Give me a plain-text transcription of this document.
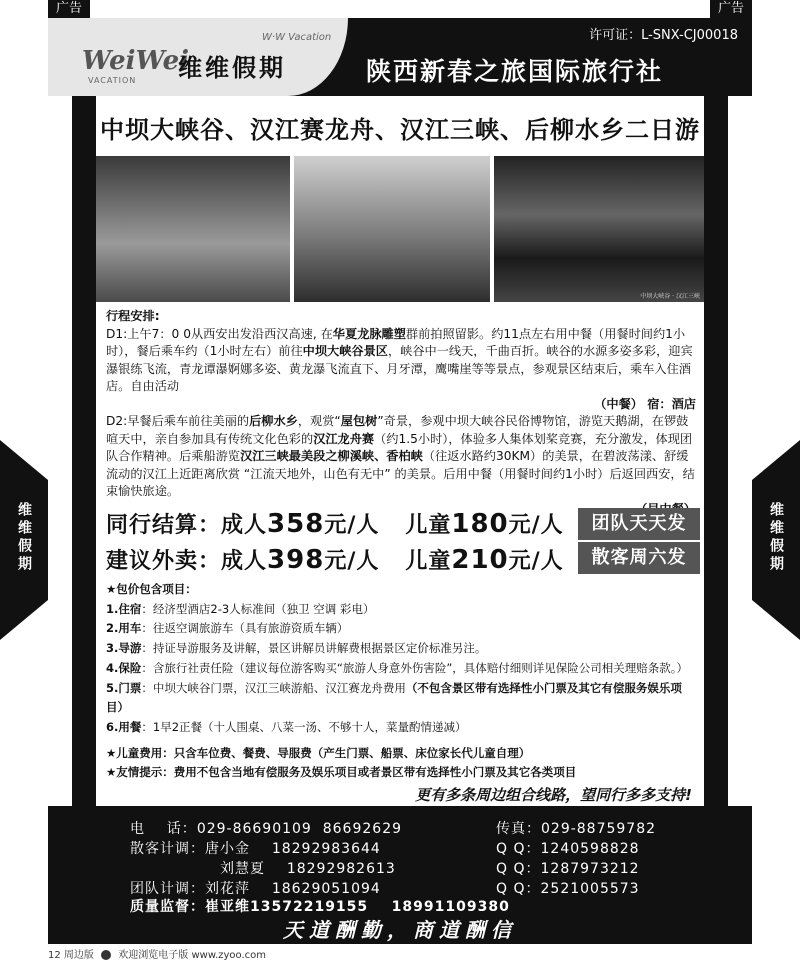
广告	广告
WeiWei
W·W Vacation
VACATION 维维假期
许可证：L-SNX-CJ00018
陕西新春之旅国际旅行社
维维假期	维维假期
中坝大峡谷、汉江赛龙舟、汉江三峡、后柳水乡二日游
中坝大峡谷 · 汉江三峡

行程安排:

D1:上午7：0 0从西安出发沿西汉高速, 在华夏龙脉雕塑群前拍照留影。约11点左右用中餐（用餐时间约1小时），餐后乘车约（1小时左右）前往中坝大峡谷景区，峡谷中一线天，千曲百折。峡谷的水源多姿多彩，迎宾瀑银练飞流，青龙谭瀑婀娜多姿、黄龙瀑飞流直下、月牙潭，鹰嘴崖等等景点，参观景区结束后，乘车入住酒店。自由活动

（中餐） 宿：酒店

D2:早餐后乘车前往美丽的后柳水乡，观赏“屋包树”奇景，参观中坝大峡谷民俗博物馆，游览天鹅湖，在锣鼓喧天中，亲自参加具有传统文化色彩的汉江龙舟赛（约1.5小时），体验多人集体划桨竞赛，充分激发，体现团队合作精神。后乘船游览汉江三峡最美段之柳溪峡、香柏峡（往返水路约30KM）的美景，在碧波荡漾、舒缓流动的汉江上近距离欣赏 “江流天地外，山色有无中” 的美景。后用中餐（用餐时间约1小时）后返回西安，结束愉快旅途。

同行结算：成人358元/人 儿童180元/人
建议外卖：成人398元/人 儿童210元/人
团队天天发
散客周六发

★包价包含项目：

1.住宿：经济型酒店2-3人标准间（独卫 空调 彩电）

2.用车：往返空调旅游车（具有旅游资质车辆）

3.导游：持证导游服务及讲解，景区讲解员讲解费根据景区定价标准另注。

4.保险：含旅行社责任险（建议每位游客购买“旅游人身意外伤害险”，具体赔付细则详见保险公司相关理赔条款。）

5.门票：中坝大峡谷门票，汉江三峡游船、汉江赛龙舟费用（不包含景区带有选择性小门票及其它有偿服务娱乐项目）

6.用餐：1早2正餐（十人围桌、八菜一汤、不够十人，菜量酌情递减）

★儿童费用：只含车位费、餐费、导服费（产生门票、船票、床位家长代儿童自理）

★友情提示：费用不包含当地有偿服务及娱乐项目或者景区带有选择性小门票及其它各类项目

更有多条周边组合线路，望同行多多支持!
电    话：029-86690109  86692629	传真：029-88759782
散客计调：唐小金 18292983644	Q Q：1240598828
刘慧夏 18292982613	Q Q：1287973212
团队计调：刘花萍 18629051094	Q Q：2521005573
质量监督：崔亚维13572219155 18991109380
天道酬勤，商道酬信
12 周边版 欢迎浏览电子版 www.zyoo.com
